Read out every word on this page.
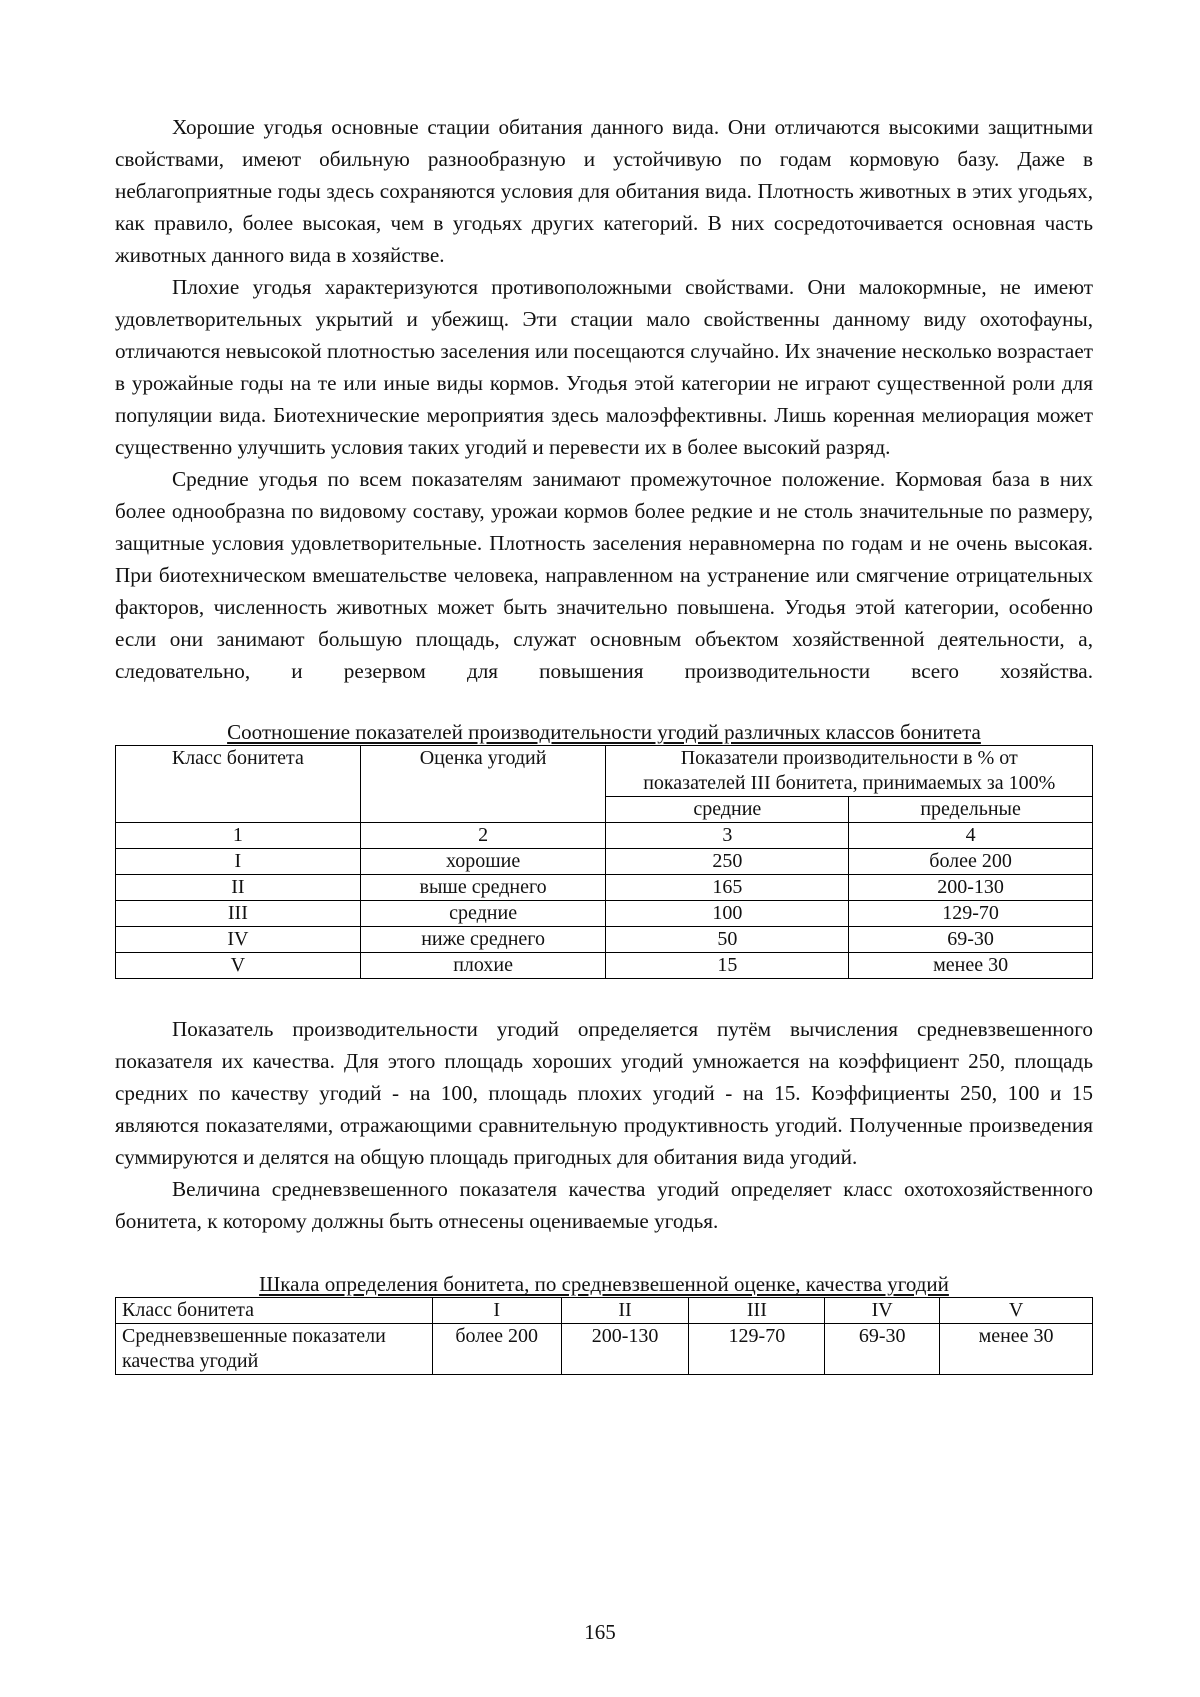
Хорошие угодья основные стации обитания данного вида. Они отличаются высокими защитными свойствами, имеют обильную разнообразную и устойчивую по годам кормовую базу. Даже в неблагоприятные годы здесь сохраняются условия для обитания вида. Плотность животных в этих угодьях, как правило, более высокая, чем в угодьях других категорий. В них сосредоточивается основная часть животных данного вида в хозяйстве.

Плохие угодья характеризуются противоположными свойствами. Они малокормные, не имеют удовлетворительных укрытий и убежищ. Эти стации мало свойственны данному виду охотофауны, отличаются невысокой плотностью заселения или посещаются случайно. Их значение несколько возрастает в урожайные годы на те или иные виды кормов. Угодья этой категории не играют существенной роли для популяции вида. Биотехнические мероприятия здесь малоэффективны. Лишь коренная мелиорация может существенно улучшить условия таких угодий и перевести их в более высокий разряд.

Средние угодья по всем показателям занимают промежуточное положение. Кормовая база в них более однообразна по видовому составу, урожаи кормов более редкие и не столь значительные по размеру, защитные условия удовлетворительные. Плотность заселения неравномерна по годам и не очень высокая. При биотехническом вмешательстве человека, направленном на устранение или смягчение отрицательных факторов, численность животных может быть значительно повышена. Угодья этой категории, особенно если они занимают большую площадь, служат основным объектом хозяйственной деятельности, а, следовательно, и резервом для повышения производительности всего хозяйства.

Соотношение показателей производительности угодий различных классов бонитета

Класс бонитета	Оценка угодий	Показатели производительности в % от
показателей III бонитета, принимаемых за 100%	
		средние	предельные
1	2	3	4
I	хорошие	250	более 200
II	выше среднего	165	200-130
III	средние	100	129-70
IV	ниже среднего	50	69-30
V	плохие	15	менее 30

Показатель производительности угодий определяется путём вычисления средневзвешенного показателя их качества. Для этого площадь хороших угодий умножается на коэффициент 250, площадь средних по качеству угодий - на 100, площадь плохих угодий - на 15. Коэффициенты 250, 100 и 15 являются показателями, отражающими сравнительную продуктивность угодий. Полученные произведения суммируются и делятся на общую площадь пригодных для обитания вида угодий.

Величина средневзвешенного показателя качества угодий определяет класс охотохозяйственного бонитета, к которому должны быть отнесены оцениваемые угодья.

Шкала определения бонитета, по средневзвешенной оценке, качества угодий

Класс бонитета	I	II	III	IV	V
Средневзвешенные показатели
качества угодий	более 200	200-130	129-70	69-30	менее 30
165
